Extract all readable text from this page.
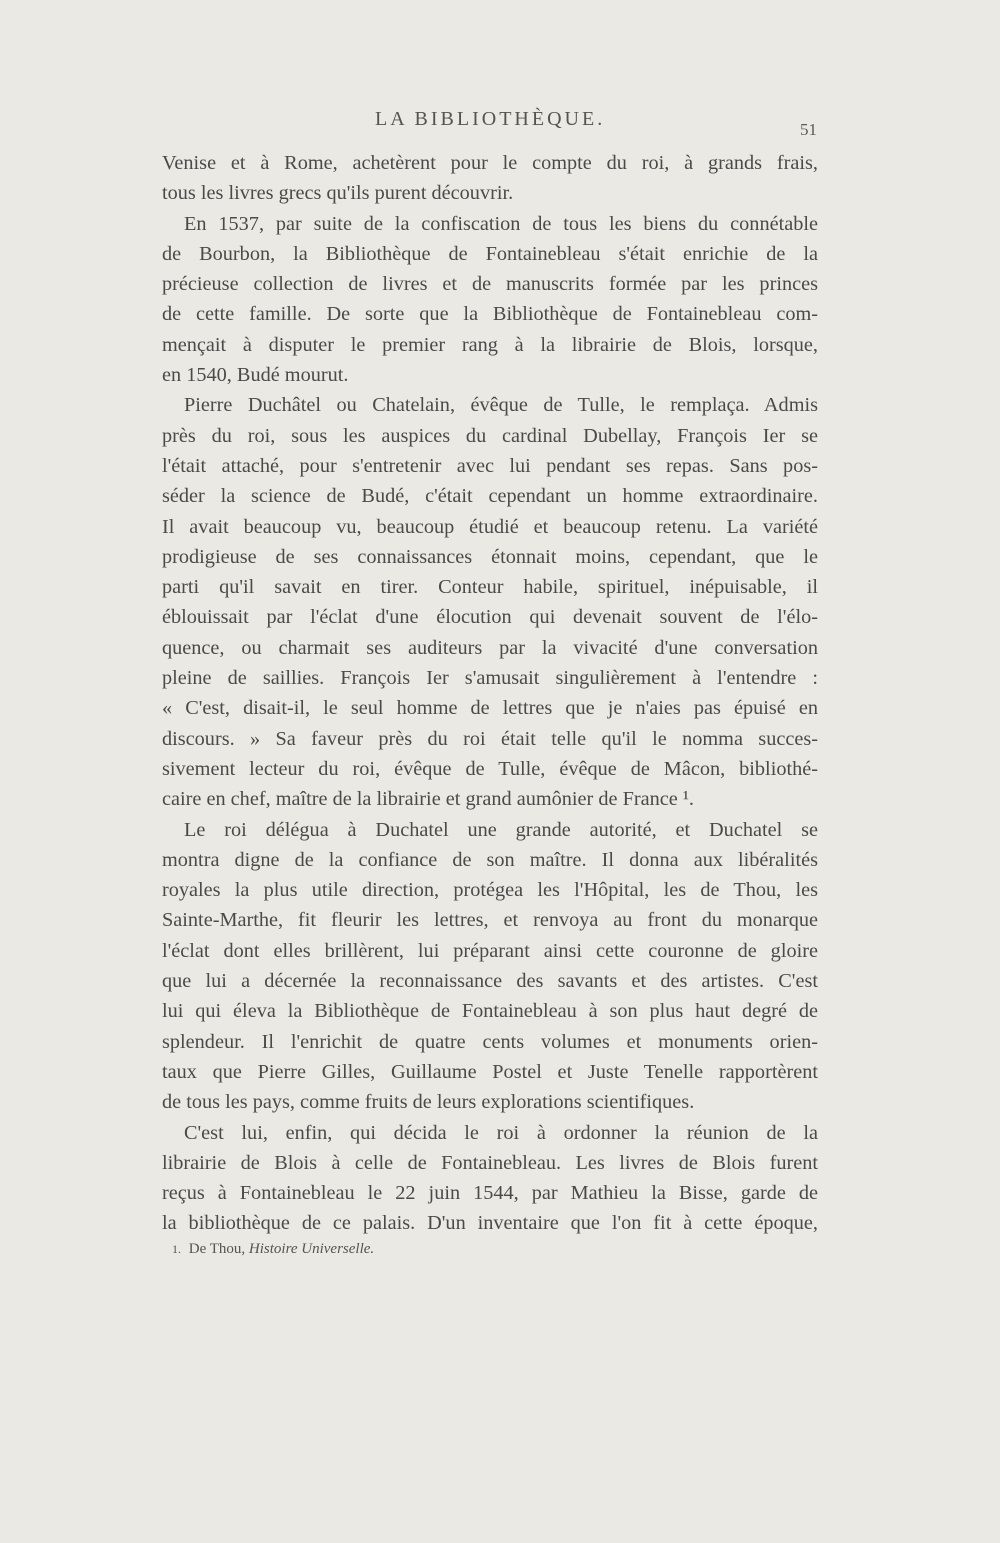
LA BIBLIOTHÈQUE.	51
Venise et à Rome, achetèrent pour le compte du roi, à grands frais,
tous les livres grecs qu'ils purent découvrir.
En 1537, par suite de la confiscation de tous les biens du connétable
de Bourbon, la Bibliothèque de Fontainebleau s'était enrichie de la
précieuse collection de livres et de manuscrits formée par les princes
de cette famille. De sorte que la Bibliothèque de Fontainebleau com-
mençait à disputer le premier rang à la librairie de Blois, lorsque,
en 1540, Budé mourut.
Pierre Duchâtel ou Chatelain, évêque de Tulle, le remplaça. Admis
près du roi, sous les auspices du cardinal Dubellay, François Ier se
l'était attaché, pour s'entretenir avec lui pendant ses repas. Sans pos-
séder la science de Budé, c'était cependant un homme extraordinaire.
Il avait beaucoup vu, beaucoup étudié et beaucoup retenu. La variété
prodigieuse de ses connaissances étonnait moins, cependant, que le
parti qu'il savait en tirer. Conteur habile, spirituel, inépuisable, il
éblouissait par l'éclat d'une élocution qui devenait souvent de l'élo-
quence, ou charmait ses auditeurs par la vivacité d'une conversation
pleine de saillies. François Ier s'amusait singulièrement à l'entendre :
« C'est, disait-il, le seul homme de lettres que je n'aies pas épuisé en
discours. » Sa faveur près du roi était telle qu'il le nomma succes-
sivement lecteur du roi, évêque de Tulle, évêque de Mâcon, bibliothé-
caire en chef, maître de la librairie et grand aumônier de France ¹.
Le roi délégua à Duchatel une grande autorité, et Duchatel se
montra digne de la confiance de son maître. Il donna aux libéralités
royales la plus utile direction, protégea les l'Hôpital, les de Thou, les
Sainte-Marthe, fit fleurir les lettres, et renvoya au front du monarque
l'éclat dont elles brillèrent, lui préparant ainsi cette couronne de gloire
que lui a décernée la reconnaissance des savants et des artistes. C'est
lui qui éleva la Bibliothèque de Fontainebleau à son plus haut degré de
splendeur. Il l'enrichit de quatre cents volumes et monuments orien-
taux que Pierre Gilles, Guillaume Postel et Juste Tenelle rapportèrent
de tous les pays, comme fruits de leurs explorations scientifiques.
C'est lui, enfin, qui décida le roi à ordonner la réunion de la
librairie de Blois à celle de Fontainebleau. Les livres de Blois furent
reçus à Fontainebleau le 22 juin 1544, par Mathieu la Bisse, garde de
la bibliothèque de ce palais. D'un inventaire que l'on fit à cette époque,
1. De Thou, Histoire Universelle.
